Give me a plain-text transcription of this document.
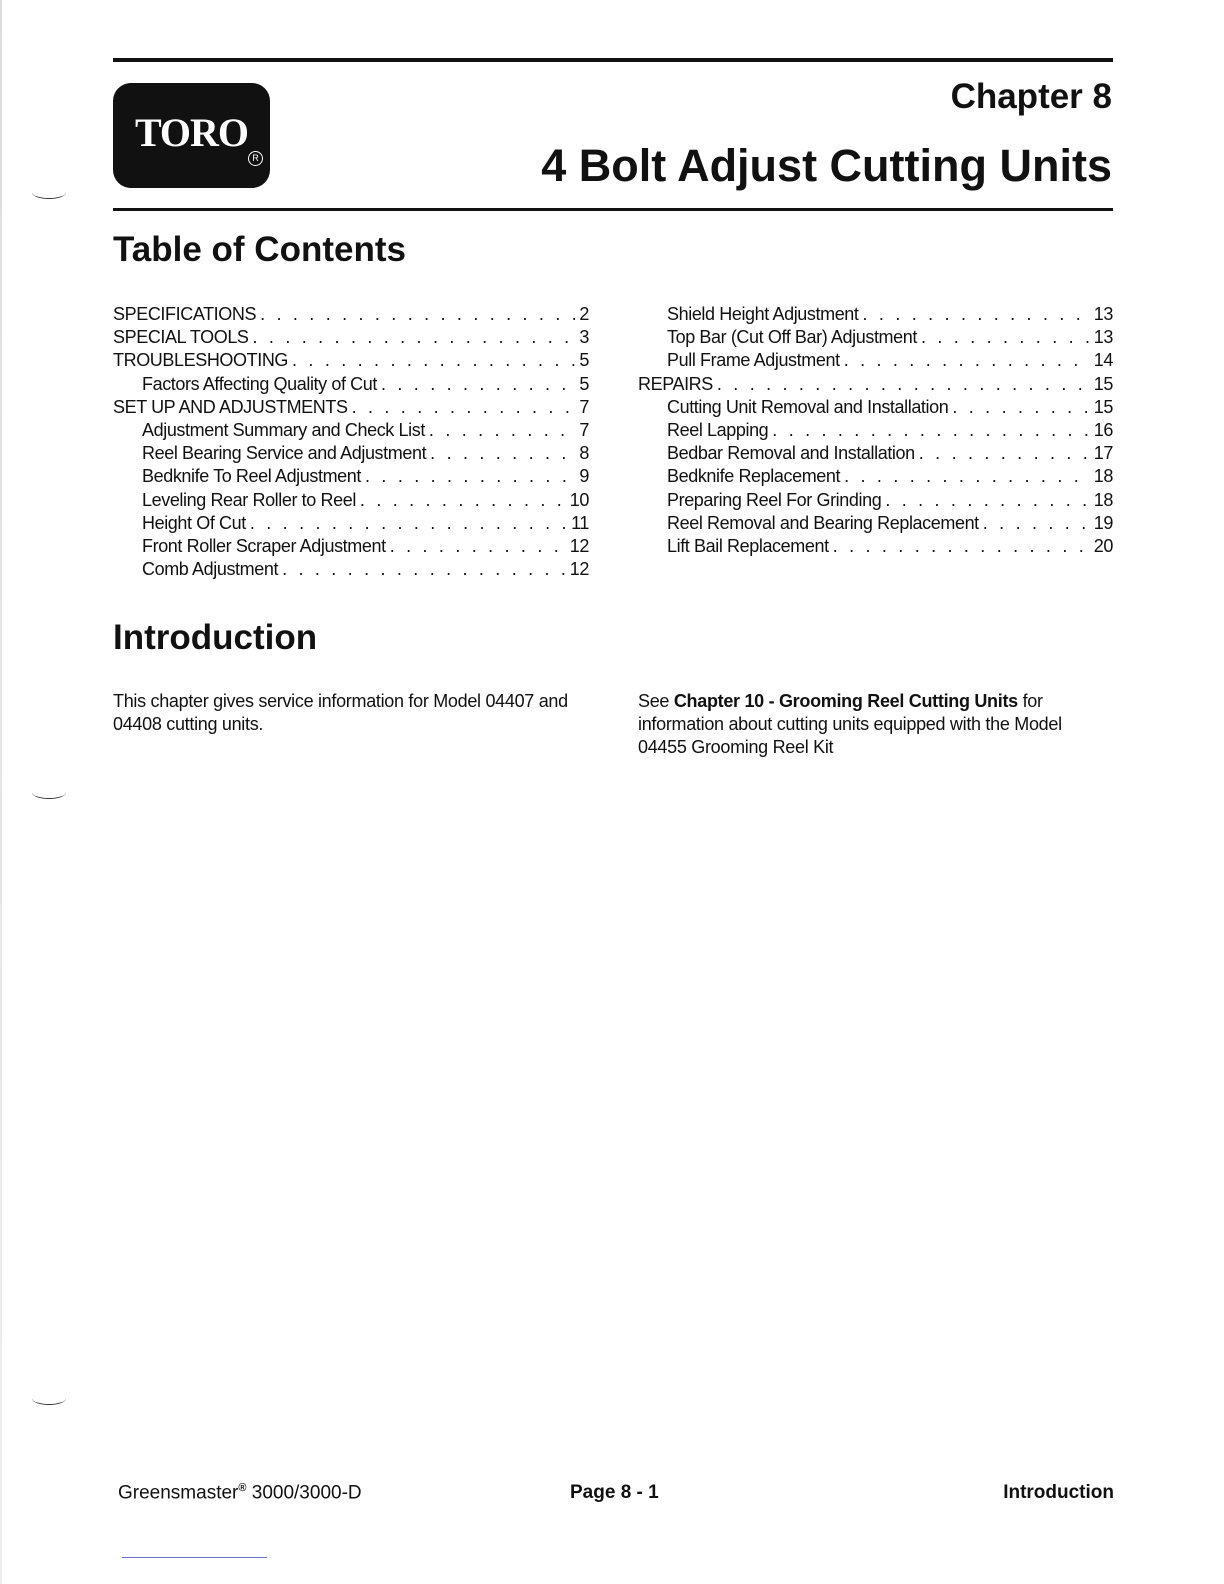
TORO
R
Chapter 8
4 Bolt Adjust Cutting Units
Table of Contents
SPECIFICATIONS . . .	2
SPECIAL TOOLS . . .	3
TROUBLESHOOTING . . .	5
Factors Affecting Quality of Cut . . .	5
SET UP AND ADJUSTMENTS . . .	7
Adjustment Summary and Check List . . .	7
Reel Bearing Service and Adjustment . . .	8
Bedknife To Reel Adjustment . . .	9
Leveling Rear Roller to Reel . . .	10
Height Of Cut . . .	11
Front Roller Scraper Adjustment . . .	12
Comb Adjustment . . .	12
Shield Height Adjustment . . .	13
Top Bar (Cut Off Bar) Adjustment . . .	13
Pull Frame Adjustment . . .	14
REPAIRS . . .	15
Cutting Unit Removal and Installation . . .	15
Reel Lapping . . .	16
Bedbar Removal and Installation . . .	17
Bedknife Replacement . . .	18
Preparing Reel For Grinding . . .	18
Reel Removal and Bearing Replacement . . .	19
Lift Bail Replacement . . .	20
Introduction
This chapter gives service information for Model 04407 and 04408 cutting units.
See Chapter 10 - Grooming Reel Cutting Units for information about cutting units equipped with the Model 04455 Grooming Reel Kit
Greensmaster® 3000/3000-D	Page 8 - 1	Introduction
